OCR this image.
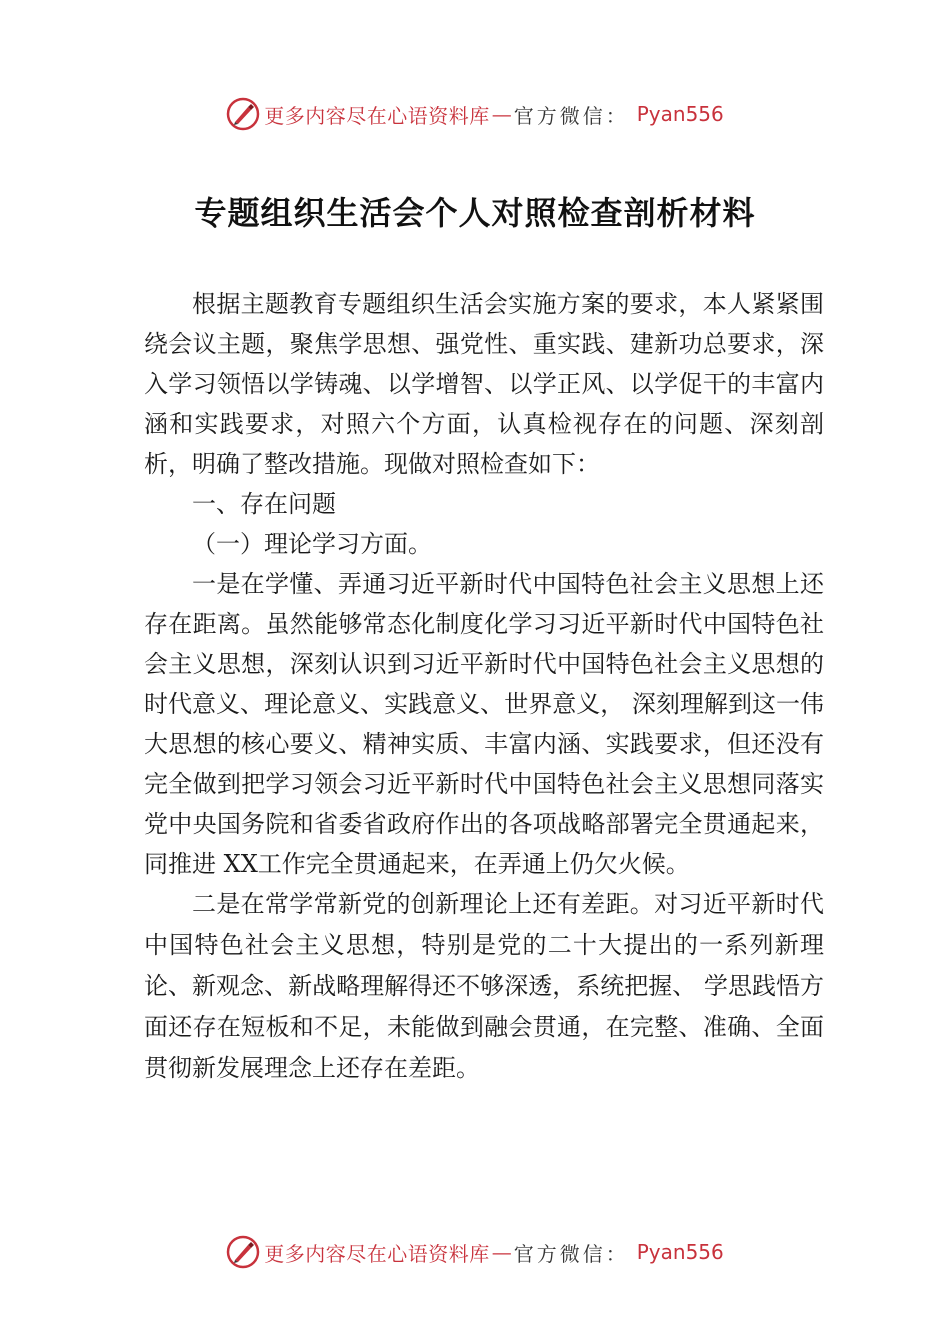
更多内容尽在心语资料库 — 官方微信： Pyan556
专题组织生活会个人对照检查剖析材料

根据主题教育专题组织生活会实施方案的要求，本人紧紧围绕会议主题，聚焦学思想、强党性、重实践、建新功总要求，深入学习领悟以学铸魂、以学增智、以学正风、以学促干的丰富内涵和实践要求，对照六个方面，认真检视存在的问题、深刻剖析，明确了整改措施。现做对照检查如下：

一、存在问题

（一）理论学习方面。

一是在学懂、弄通习近平新时代中国特色社会主义思想上还存在距离。虽然能够常态化制度化学习习近平新时代中国特色社会主义思想，深刻认识到习近平新时代中国特色社会主义思想的时代意义、理论意义、实践意义、世界意义， 深刻理解到这一伟大思想的核心要义、精神实质、丰富内涵、实践要求，但还没有完全做到把学习领会习近平新时代中国特色社会主义思想同落实党中央国务院和省委省政府作出的各项战略部署完全贯通起来，同推进 XX工作完全贯通起来，在弄通上仍欠火候。

二是在常学常新党的创新理论上还有差距。对习近平新时代中国特色社会主义思想，特别是党的二十大提出的一系列新理论、新观念、新战略理解得还不够深透，系统把握、 学思践悟方面还存在短板和不足，未能做到融会贯通，在完整、准确、全面贯彻新发展理念上还存在差距。

更多内容尽在心语资料库 — 官方微信： Pyan556
